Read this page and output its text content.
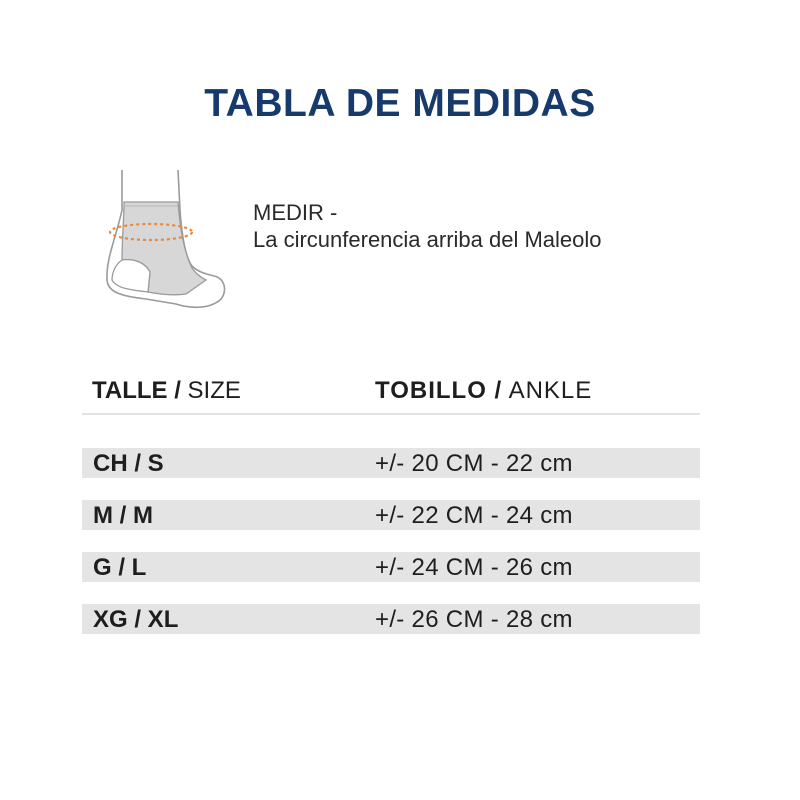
TABLA DE MEDIDAS
MEDIR -
La circunferencia arriba del Maleolo
TALLE / SIZE	TOBILLO / ANKLE
CH / S	+/- 20 CM - 22 cm
M / M	+/- 22 CM - 24 cm
G / L	+/- 24 CM - 26 cm
XG / XL	+/- 26 CM - 28 cm
